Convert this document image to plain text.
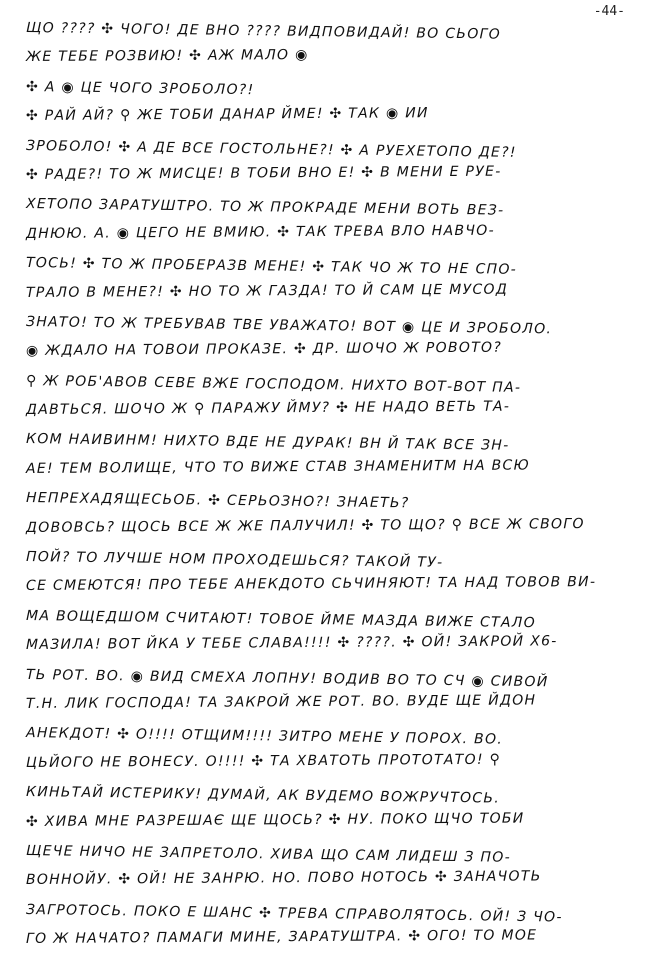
-44-
ЩO ???? ✣ ЧОГО! ДЕ ВНО ???? ВИДПОВИДАЙ! ВО СЬОГО
ЖЕ ТЕБЕ РОЗВИЮ! ✣ АЖ МАЛО ◉
✣ А ◉ ЦЕ ЧОГО ЗРОБОЛО?!
✣ РАЙ АЙ? ⚲ ЖЕ ТОБИ ДАНАР ЙМЕ! ✣ ТАК ◉ ИИ
ЗРОБОЛО! ✣ А ДЕ ВСЕ ГОСТОЛЬНЕ?! ✣ А РУЕХЕТОПО ДЕ?!
✣ РАДЕ?! ТО Ж МИСЦЕ! В ТОБИ ВНО Е! ✣ В МЕНИ Е РУЕ-
ХЕТОПО ЗАРАТУШТРО. ТО Ж ПРОКРАДЕ МЕНИ ВОТЬ ВЕЗ-
ДНЮЮ. А. ◉ ЦЕГО НЕ ВМИЮ. ✣ ТАК ТРЕВА ВЛО НАВЧО-
ТОСЬ! ✣ ТО Ж ПРОБЕРАЗВ МЕНЕ! ✣ ТАК ЧО Ж ТО НЕ СПО-
ТРАЛО В МЕНЕ?! ✣ НО ТО Ж ГАЗДА! ТО Й САМ ЦЕ МУСОД
ЗНАТО! ТО Ж ТРЕБУВАВ ТВЕ УВАЖАТО! ВОТ ◉ ЦЕ И ЗРОБОЛО.
◉ ЖДАЛО НА ТОВОИ ПРОКАЗЕ. ✣ ДР. ШОЧО Ж РОВОТО?
⚲ Ж РОБ'АВОВ СЕВЕ ВЖЕ ГОСПОДОМ. НИХТО ВОТ-ВОТ ПА-
ДАВТЬСЯ. ШОЧО Ж ⚲ ПАРАЖУ ЙМУ? ✣ НЕ НАДО ВЕТЬ ТА-
КОМ НАИВИНМ! НИХТО ВДЕ НЕ ДУРАК! ВН Й ТАК ВСЕ ЗН-
АЕ! ТЕМ ВОЛИЩЕ, ЧТО ТО ВИЖЕ СТАВ ЗНАМЕНИТМ НА ВСЮ
НЕПРЕХАДЯЩЕСЬОБ. ✣ СЕРЬОЗНО?! ЗНАЕТЬ?
ДОВОВСЬ? ЩОСЬ ВСЕ Ж ЖЕ ПАЛУЧИЛ! ✣ ТО ЩО? ⚲ ВСЕ Ж СВОГО
ПОЙ? ТО ЛУЧШЕ НОМ ПРОХОДЕШЬСЯ? ТАКОЙ ТУ-
СЕ СМЕЮТСЯ! ПРО ТЕБЕ АНЕКДОТО СЬЧИНЯЮТ! ТА НАД ТОВОВ ВИ-
МА ВОЩЕДШОМ СЧИТАЮТ! ТОВОЕ ЙМЕ МАЗДА ВИЖЕ СТАЛО
МАЗИЛА! ВОТ ЙКА У ТЕБЕ СЛАВА!!!! ✣ ????. ✣ ОЙ! ЗАКРОЙ Х6-
ТЬ РОТ. ВО. ◉ ВИД СМЕХА ЛОПНУ! ВОДИВ ВО ТО СЧ ◉ СИВОЙ
Т.Н. ЛИК ГОСПОДА! ТА ЗАКРОЙ ЖЕ РОТ. ВО. ВУДЕ ЩЕ ЙДОН
АНЕКДОТ! ✣ О!!!! ОТЩИМ!!!! ЗИТРО МЕНЕ У ПОРОХ. ВО.
ЦЬЙОГО НЕ ВОНЕСУ. О!!!! ✣ ТА ХВАТОТЬ ПРОТОТАТО! ⚲
КИНЬТАЙ ИСТЕРИКУ! ДУМАЙ, АК ВУДЕМО ВОЖРУЧТОСЬ.
✣ ХИВА МНЕ РАЗРЕШАЄ ЩЕ ЩОСЬ? ✣ НУ. ПОКО ЩЧО ТОБИ
ЩЕЧЕ НИЧО НЕ ЗАПРЕТОЛО. ХИВА ЩО САМ ЛИДЕШ З ПО-
ВОННОЙУ. ✣ ОЙ! НЕ ЗАНРЮ. НО. ПОВО НОТОСЬ ✣ ЗАНАЧОТЬ
ЗАГРОТОСЬ. ПОКО Е ШАНС ✣ ТРЕВА СПРАВОЛЯТОСЬ. ОЙ! З ЧО-
ГО Ж НАЧАТО? ПАМАГИ МИНЕ, ЗАРАТУШТРА. ✣ ОГО! ТО МОЕ
